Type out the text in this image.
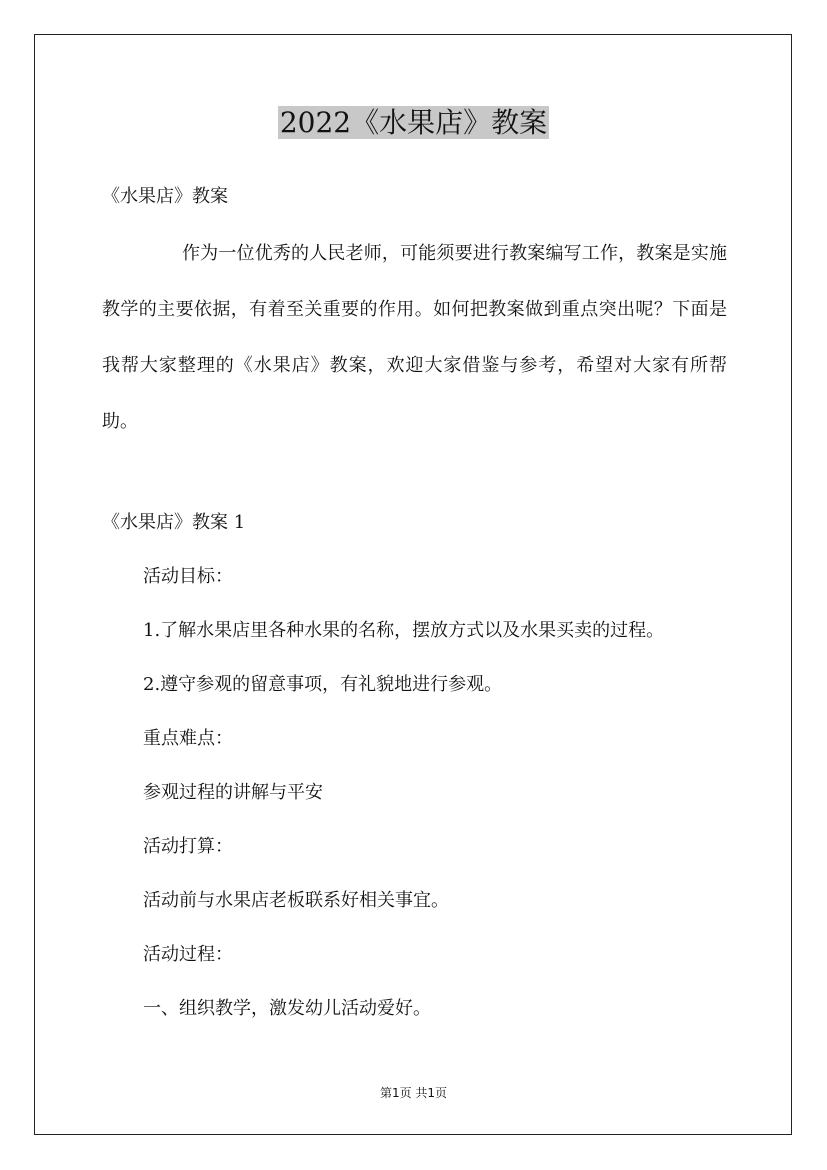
2022《水果店》教案
《水果店》教案

作为一位优秀的人民老师，可能须要进行教案编写工作，教案是实施教学的主要依据，有着至关重要的作用。如何把教案做到重点突出呢？下面是我帮大家整理的《水果店》教案，欢迎大家借鉴与参考，希望对大家有所帮助。

《水果店》教案 1
活动目标：
1.了解水果店里各种水果的名称，摆放方式以及水果买卖的过程。
2.遵守参观的留意事项，有礼貌地进行参观。
重点难点：
参观过程的讲解与平安
活动打算：
活动前与水果店老板联系好相关事宜。
活动过程：
一、组织教学，激发幼儿活动爱好。
第1页 共1页
